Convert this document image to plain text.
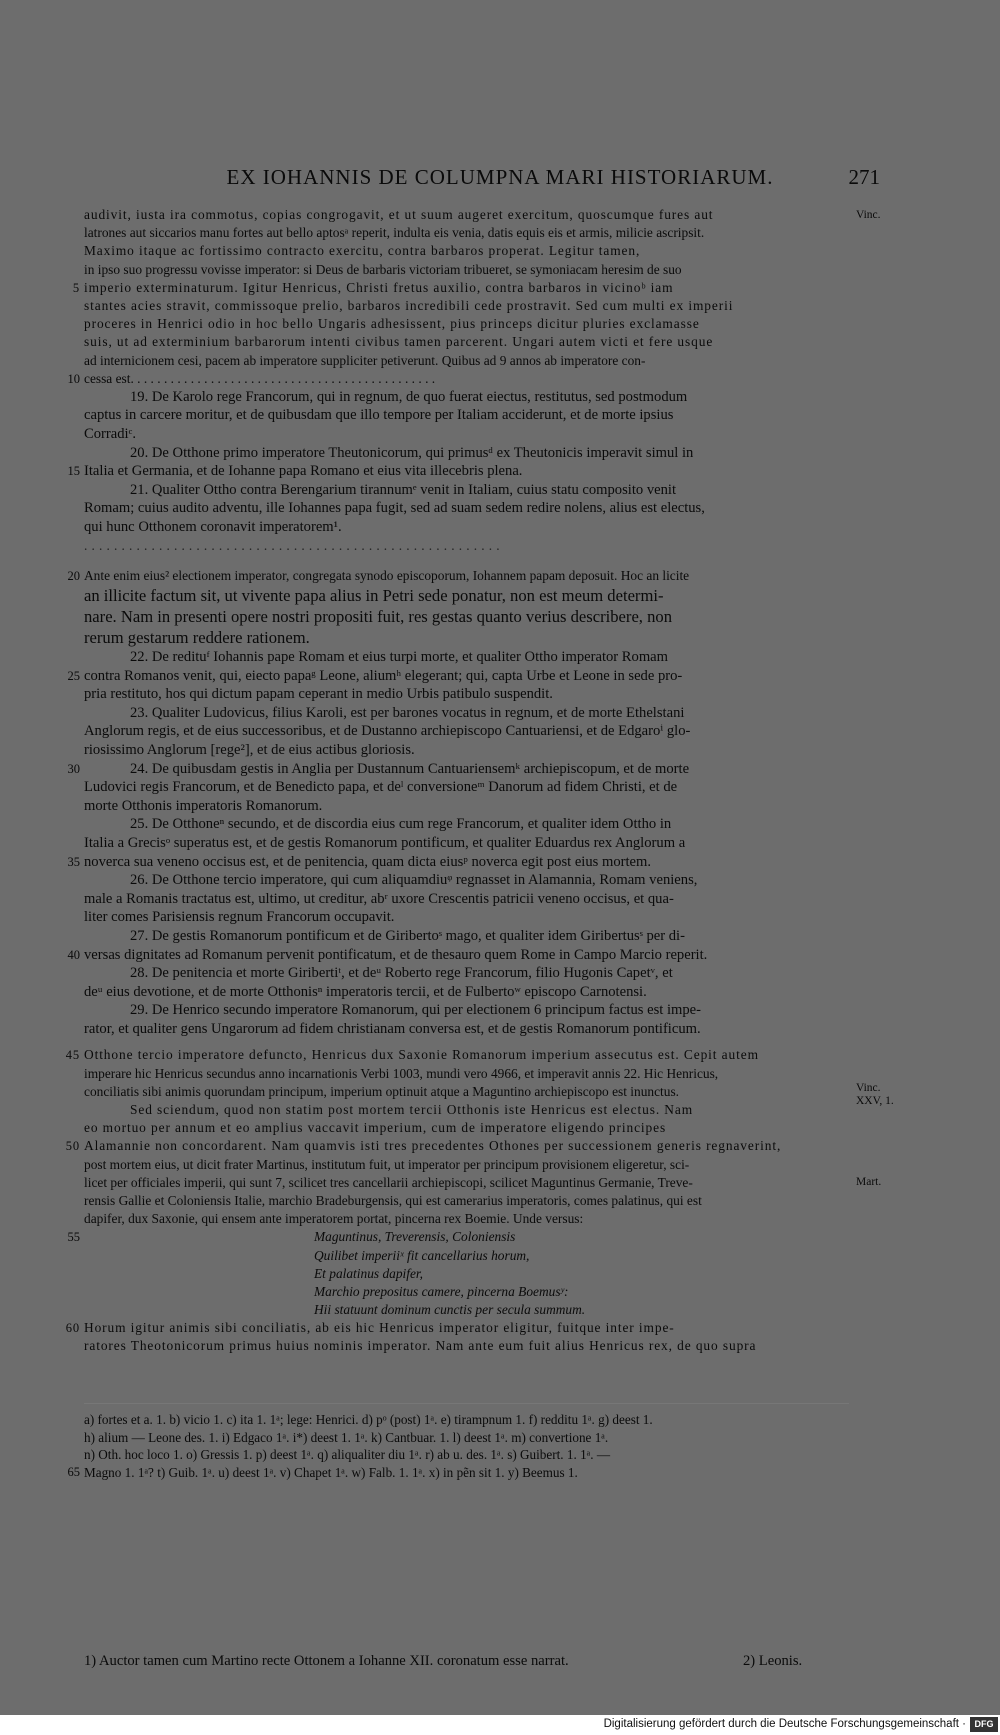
EX IOHANNIS DE COLUMPNA MARI HISTORIARUM.	271
Vinc.
Vinc.
XXV, 1.
Mart.
audivit, iusta ira commotus, copias congrogavit, et ut suum augeret exercitum, quoscumque fures aut
latrones aut siccarios manu fortes aut bello aptosᵃ reperit, indulta eis venia, datis equis eis et armis, milicie ascripsit.
Maximo itaque ac fortissimo contracto exercitu, contra barbaros properat. Legitur tamen,
in ipso suo progressu vovisse imperator: si Deus de barbaris victoriam tribueret, se symoniacam heresim de suo
5 imperio exterminaturum. Igitur Henricus, Christi fretus auxilio, contra barbaros in vicinoᵇ iam
stantes acies stravit, commissoque prelio, barbaros incredibili cede prostravit. Sed cum multi ex imperii
proceres in Henrici odio in hoc bello Ungaris adhesissent, pius princeps dicitur pluries exclamasse
suis, ut ad exterminium barbarorum intenti civibus tamen parcerent. Ungari autem victi et fere usque
ad internicionem cesi, pacem ab imperatore suppliciter petiverunt. Quibus ad 9 annos ab imperatore con-
10 cessa est. . . . . . . . . . . . . . . . . . . . . . . . . . . . . . . . . . . . . . . . . . . . . .
19. De Karolo rege Francorum, qui in regnum, de quo fuerat eiectus, restitutus, sed postmodum
captus in carcere moritur, et de quibusdam que illo tempore per Italiam acciderunt, et de morte ipsius
Corradiᶜ.
20. De Otthone primo imperatore Theutonicorum, qui primusᵈ ex Theutonicis imperavit simul in
15 Italia et Germania, et de Iohanne papa Romano et eius vita illecebris plena.
21. Qualiter Ottho contra Berengarium tirannumᵉ venit in Italiam, cuius statu composito venit
Romam; cuius audito adventu, ille Iohannes papa fugit, sed ad suam sedem redire nolens, alius est electus,
qui hunc Otthonem coronavit imperatorem¹.
. . . . . . . . . . . . . . . . . . . . . . . . . . . . . . . . . . . . . . . . . . . . . . . . . . . . . . . .
20 Ante enim eius² electionem imperator, congregata synodo episcoporum, Iohannem papam deposuit. Hoc an licite
an illicite factum sit, ut vivente papa alius in Petri sede ponatur, non est meum determi-
nare. Nam in presenti opere nostri propositi fuit, res gestas quanto verius describere, non
rerum gestarum reddere rationem.
22. De redituᶠ Iohannis pape Romam et eius turpi morte, et qualiter Ottho imperator Romam
25 contra Romanos venit, qui, eiecto papaᵍ Leone, aliumʰ elegerant; qui, capta Urbe et Leone in sede pro-
pria restituto, hos qui dictum papam ceperant in medio Urbis patibulo suspendit.
23. Qualiter Ludovicus, filius Karoli, est per barones vocatus in regnum, et de morte Ethelstani
Anglorum regis, et de eius successoribus, et de Dustanno archiepiscopo Cantuariensi, et de Edgaroⁱ glo-
riosissimo Anglorum [rege²], et de eius actibus gloriosis.
30	24. De quibusdam gestis in Anglia per Dustannum Cantuariensemᵏ archiepiscopum, et de morte
Ludovici regis Francorum, et de Benedicto papa, et deˡ conversioneᵐ Danorum ad fidem Christi, et de
morte Otthonis imperatoris Romanorum.
25. De Otthoneⁿ secundo, et de discordia eius cum rege Francorum, et qualiter idem Ottho in
Italia a Grecisᵒ superatus est, et de gestis Romanorum pontificum, et qualiter Eduardus rex Anglorum a
35 noverca sua veneno occisus est, et de penitencia, quam dicta eiusᵖ noverca egit post eius mortem.
26. De Otthone tercio imperatore, qui cum aliquamdiuᵠ regnasset in Alamannia, Romam veniens,
male a Romanis tractatus est, ultimo, ut creditur, abʳ uxore Crescentis patricii veneno occisus, et qua-
liter comes Parisiensis regnum Francorum occupavit.
27. De gestis Romanorum pontificum et de Giribertoˢ mago, et qualiter idem Giribertusˢ per di-
40 versas dignitates ad Romanum pervenit pontificatum, et de thesauro quem Rome in Campo Marcio reperit.
28. De penitencia et morte Giribertiᵗ, et deᵘ Roberto rege Francorum, filio Hugonis Capetᵛ, et
deᵘ eius devotione, et de morte Otthonisⁿ imperatoris tercii, et de Fulbertoʷ episcopo Carnotensi.
29. De Henrico secundo imperatore Romanorum, qui per electionem 6 principum factus est impe-
rator, et qualiter gens Ungarorum ad fidem christianam conversa est, et de gestis Romanorum pontificum.
45 Otthone tercio imperatore defuncto, Henricus dux Saxonie Romanorum imperium assecutus est. Cepit autem
imperare hic Henricus secundus anno incarnationis Verbi 1003, mundi vero 4966, et imperavit annis 22. Hic Henricus,
conciliatis sibi animis quorundam principum, imperium optinuit atque a Maguntino archiepiscopo est inunctus.
Sed sciendum, quod non statim post mortem tercii Otthonis iste Henricus est electus. Nam
eo mortuo per annum et eo amplius vaccavit imperium, cum de imperatore eligendo principes
50 Alamannie non concordarent. Nam quamvis isti tres precedentes Othones per successionem generis regnaverint,
post mortem eius, ut dicit frater Martinus, institutum fuit, ut imperator per principum provisionem eligeretur, sci-
licet per officiales imperii, qui sunt 7, scilicet tres cancellarii archiepiscopi, scilicet Maguntinus Germanie, Treve-
rensis Gallie et Coloniensis Italie, marchio Bradeburgensis, qui est camerarius imperatoris, comes palatinus, qui est
dapifer, dux Saxonie, qui ensem ante imperatorem portat, pincerna rex Boemie. Unde versus:
55	Maguntinus, Treverensis, Coloniensis
Quilibet imperiiˣ fit cancellarius horum,
Et palatinus dapifer,
Marchio prepositus camere, pincerna Boemusʸ:
Hii statuunt dominum cunctis per secula summum.
60 Horum igitur animis sibi conciliatis, ab eis hic Henricus imperator eligitur, fuitque inter impe-
ratores Theotonicorum primus huius nominis imperator. Nam ante eum fuit alius Henricus rex, de quo supra
a) fortes et a. 1. b) vicio 1. c) ita 1. 1ᵃ; lege: Henrici. d) pᵒ (post) 1ᵃ. e) tirampnum 1. f) redditu 1ᵃ. g) deest 1.
h) alium — Leone des. 1. i) Edgaco 1ᵃ. i*) deest 1. 1ᵃ. k) Cantbuar. 1. l) deest 1ᵃ. m) convertione 1ᵃ.
n) Oth. hoc loco 1. o) Gressis 1. p) deest 1ᵃ. q) aliqualiter diu 1ᵃ. r) ab u. des. 1ᵃ. s) Guibert. 1. 1ᵃ. —
65 Magno 1. 1ᵃ? t) Guib. 1ᵃ. u) deest 1ᵃ. v) Chapet 1ᵃ. w) Falb. 1. 1ᵃ. x) in pẽn sit 1. y) Beemus 1.
1) Auctor tamen cum Martino recte Ottonem a Iohanne XII. coronatum esse narrat.	2) Leonis.
Digitalisierung gefördert durch die Deutsche Forschungsgemeinschaft · DFG
